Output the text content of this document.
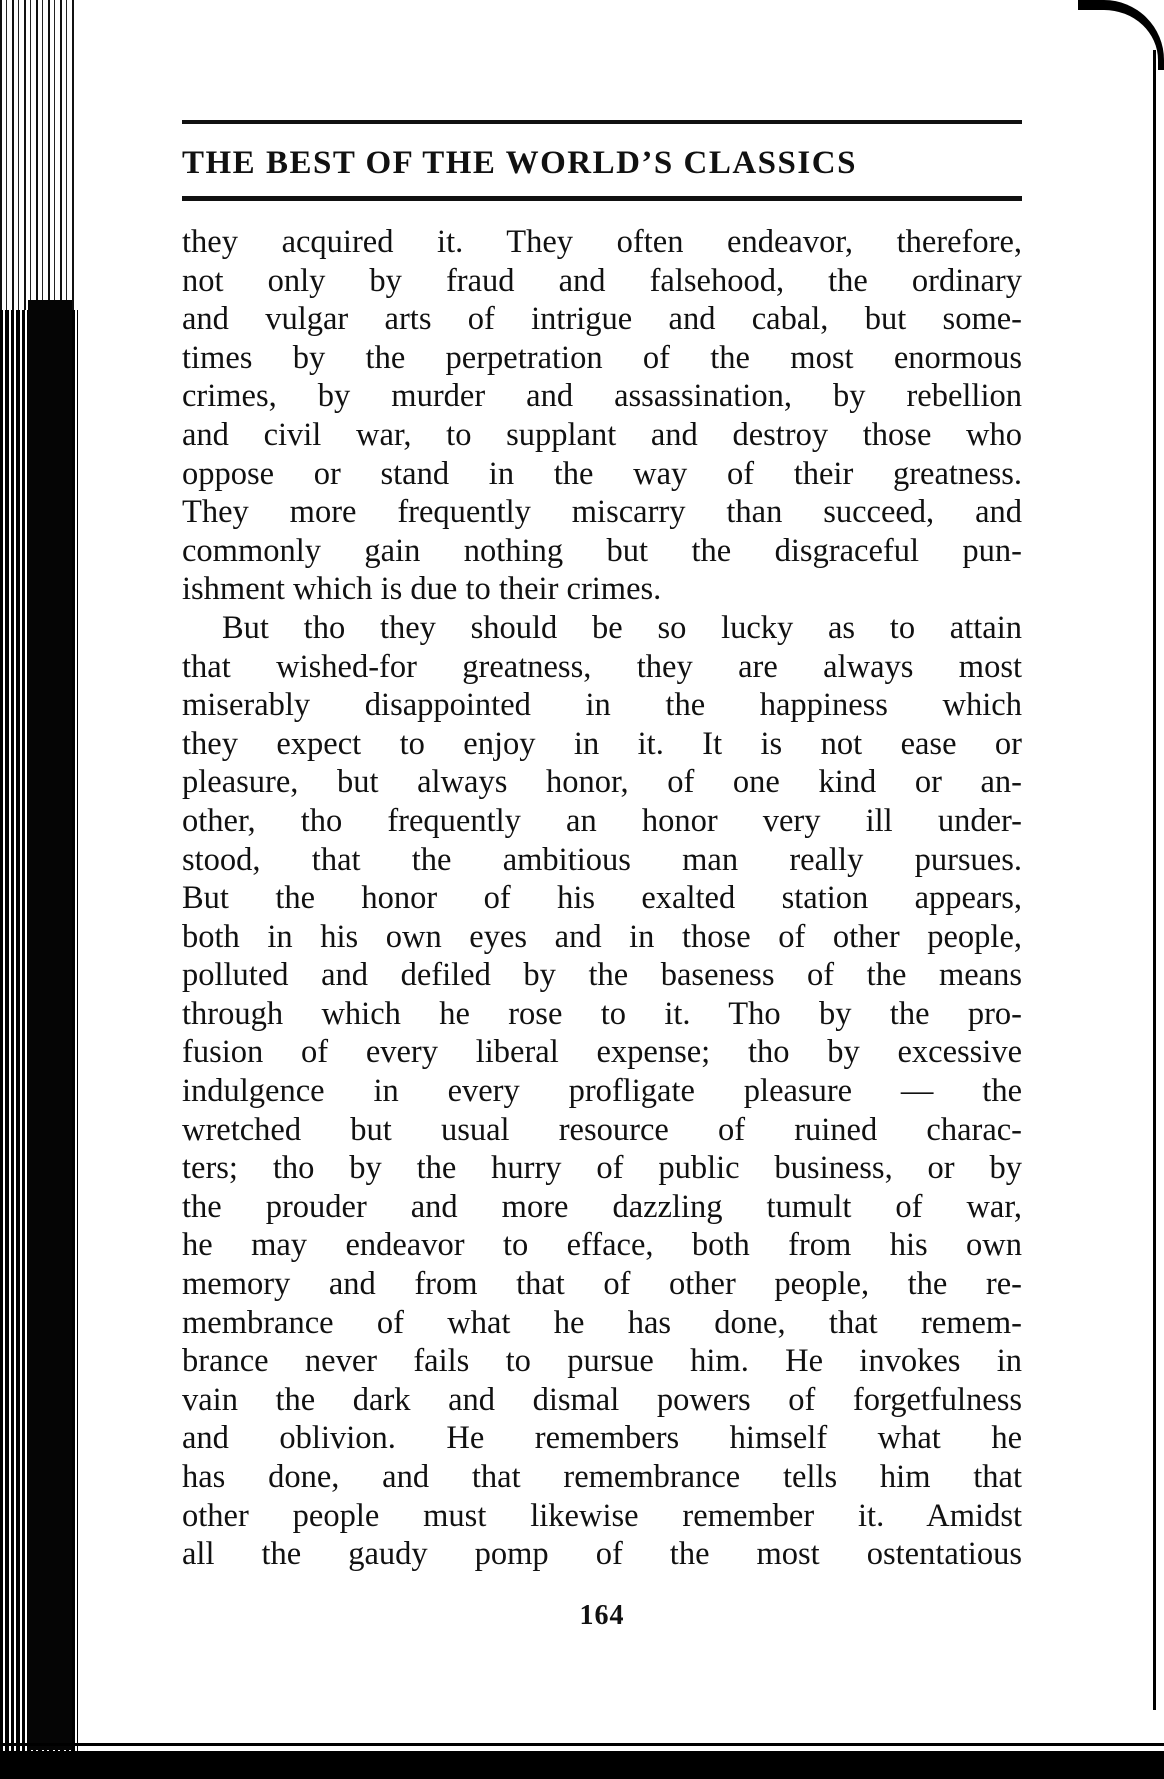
THE BEST OF THE WORLD’S CLASSICS
they acquired it. They often endeavor, therefore,
not only by fraud and falsehood, the ordinary
and vulgar arts of intrigue and cabal, but some-
times by the perpetration of the most enormous
crimes, by murder and assassination, by rebellion
and civil war, to supplant and destroy those who
oppose or stand in the way of their greatness.
They more frequently miscarry than succeed, and
commonly gain nothing but the disgraceful pun-
ishment which is due to their crimes.
But tho they should be so lucky as to attain
that wished-for greatness, they are always most
miserably disappointed in the happiness which
they expect to enjoy in it. It is not ease or
pleasure, but always honor, of one kind or an-
other, tho frequently an honor very ill under-
stood, that the ambitious man really pursues.
But the honor of his exalted station appears,
both in his own eyes and in those of other people,
polluted and defiled by the baseness of the means
through which he rose to it. Tho by the pro-
fusion of every liberal expense; tho by excessive
indulgence in every profligate pleasure — the
wretched but usual resource of ruined charac-
ters; tho by the hurry of public business, or by
the prouder and more dazzling tumult of war,
he may endeavor to efface, both from his own
memory and from that of other people, the re-
membrance of what he has done, that remem-
brance never fails to pursue him. He invokes in
vain the dark and dismal powers of forgetfulness
and oblivion. He remembers himself what he
has done, and that remembrance tells him that
other people must likewise remember it. Amidst
all the gaudy pomp of the most ostentatious
164
